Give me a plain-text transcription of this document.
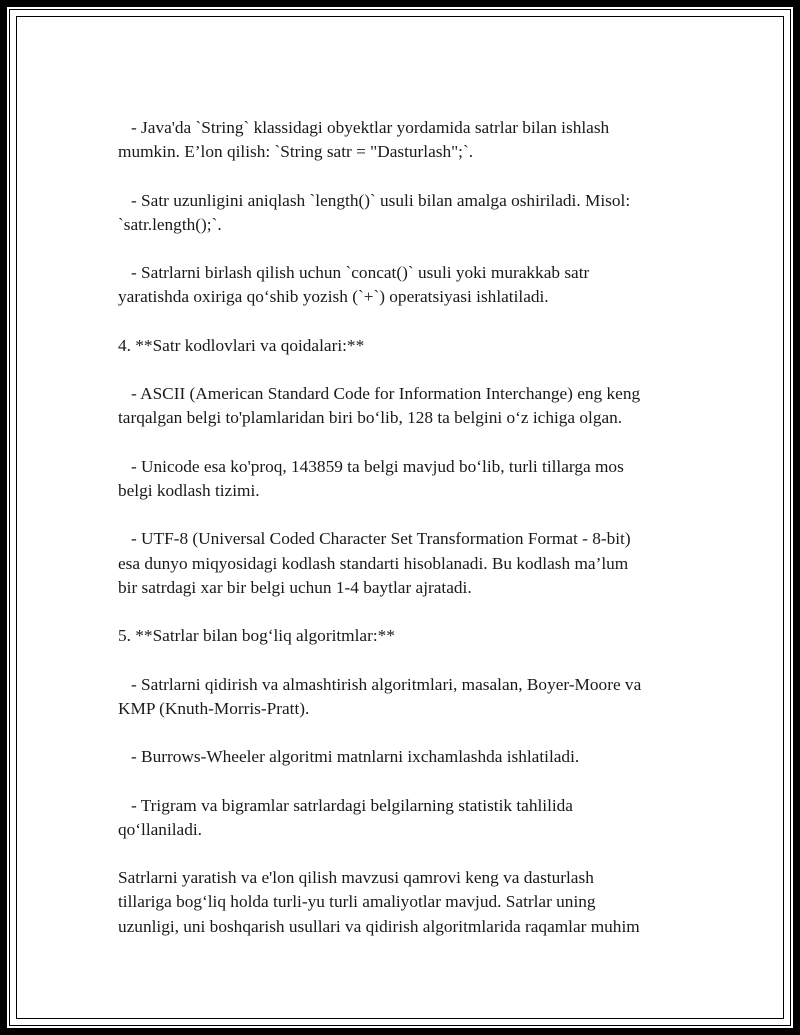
- Java'da `String` klassidagi obyektlar yordamida satrlar bilan ishlash
mumkin. E’lon qilish: `String satr = "Dasturlash";`.

- Satr uzunligini aniqlash `length()` usuli bilan amalga oshiriladi. Misol:
`satr.length();`.

- Satrlarni birlash qilish uchun `concat()` usuli yoki murakkab satr
yaratishda oxiriga qo‘shib yozish (`+`) operatsiyasi ishlatiladi.

4. **Satr kodlovlari va qoidalari:**

- ASCII (American Standard Code for Information Interchange) eng keng
tarqalgan belgi to'plamlaridan biri bo‘lib, 128 ta belgini o‘z ichiga olgan.

- Unicode esa ko'proq, 143859 ta belgi mavjud bo‘lib, turli tillarga mos
belgi kodlash tizimi.

- UTF-8 (Universal Coded Character Set Transformation Format - 8-bit)
esa dunyo miqyosidagi kodlash standarti hisoblanadi. Bu kodlash ma’lum
bir satrdagi xar bir belgi uchun 1-4 baytlar ajratadi.

5. **Satrlar bilan bog‘liq algoritmlar:**

- Satrlarni qidirish va almashtirish algoritmlari, masalan, Boyer-Moore va
KMP (Knuth-Morris-Pratt).

- Burrows-Wheeler algoritmi matnlarni ixchamlashda ishlatiladi.

- Trigram va bigramlar satrlardagi belgilarning statistik tahlilida
qo‘llaniladi.

Satrlarni yaratish va e'lon qilish mavzusi qamrovi keng va dasturlash
tillariga bog‘liq holda turli-yu turli amaliyotlar mavjud. Satrlar uning
uzunligi, uni boshqarish usullari va qidirish algoritmlarida raqamlar muhim
